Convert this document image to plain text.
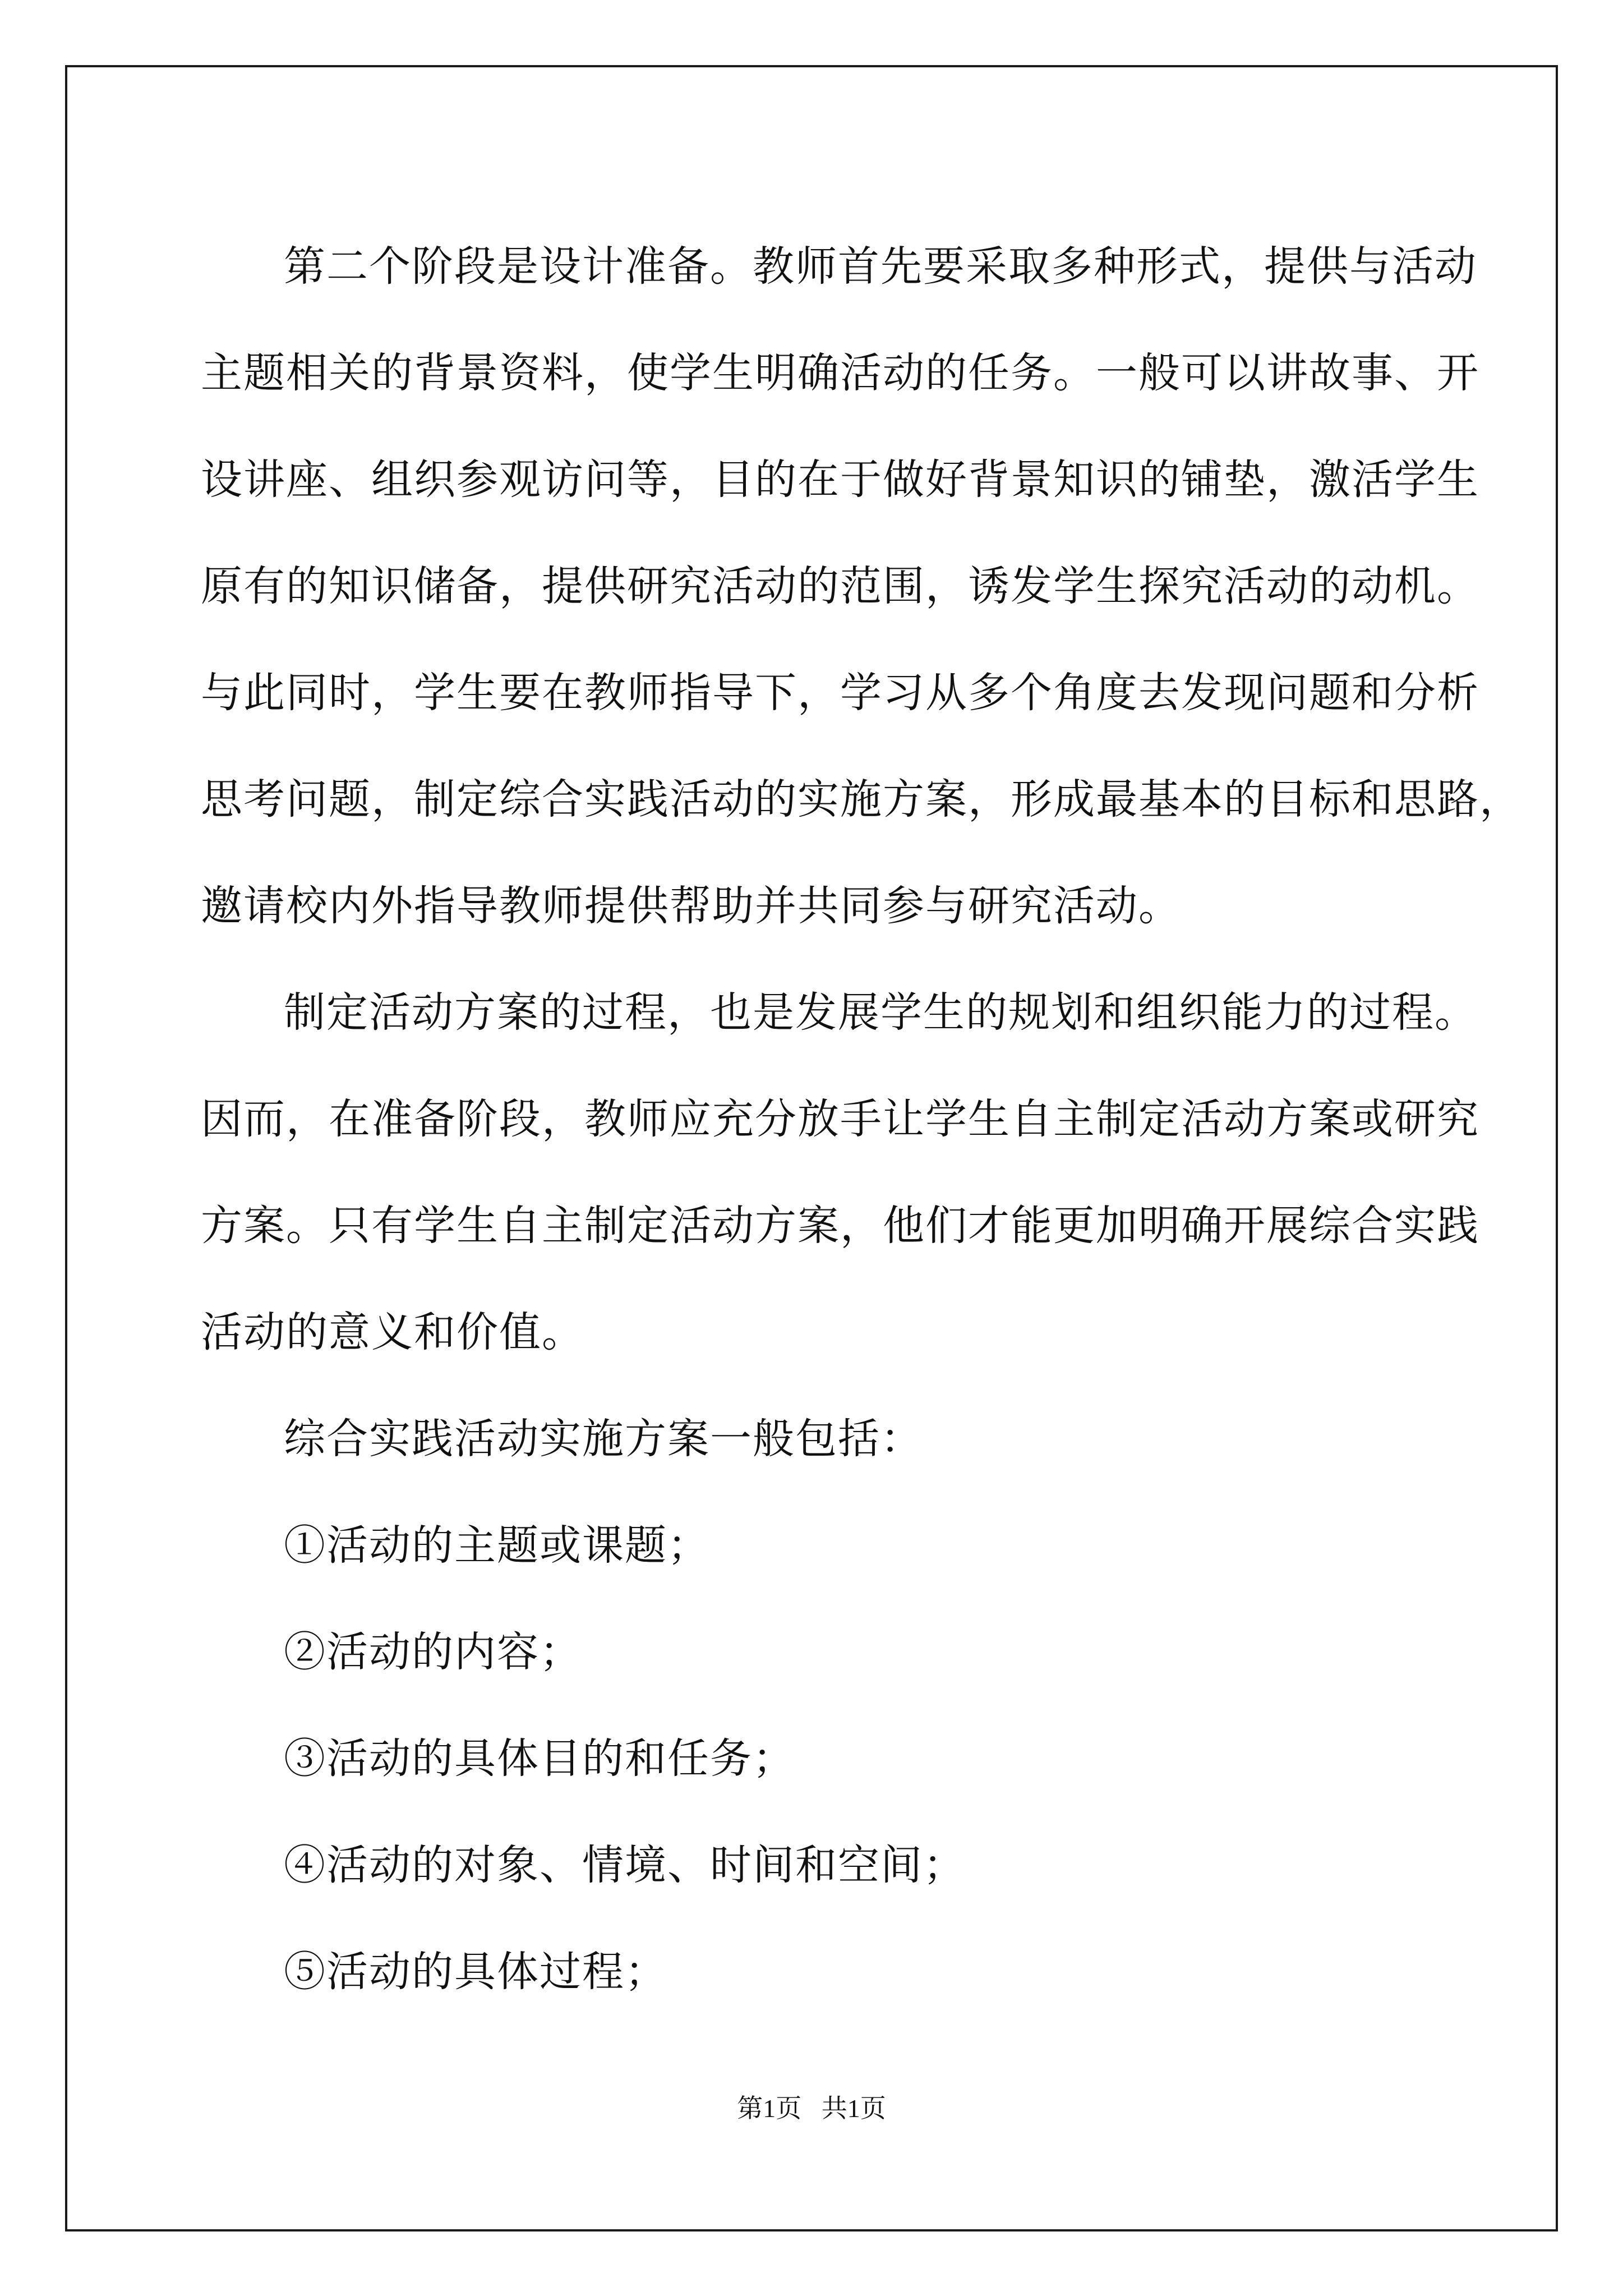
第二个阶段是设计准备。教师首先要采取多种形式，提供与活动
主题相关的背景资料，使学生明确活动的任务。一般可以讲故事、开
设讲座、组织参观访问等，目的在于做好背景知识的铺垫，激活学生
原有的知识储备，提供研究活动的范围，诱发学生探究活动的动机。
与此同时，学生要在教师指导下，学习从多个角度去发现问题和分析
思考问题，制定综合实践活动的实施方案，形成最基本的目标和思路，
邀请校内外指导教师提供帮助并共同参与研究活动。
制定活动方案的过程，也是发展学生的规划和组织能力的过程。
因而，在准备阶段，教师应充分放手让学生自主制定活动方案或研究
方案。只有学生自主制定活动方案，他们才能更加明确开展综合实践
活动的意义和价值。
综合实践活动实施方案一般包括：
①活动的主题或课题；
②活动的内容；
③活动的具体目的和任务；
④活动的对象、情境、时间和空间；
⑤活动的具体过程；
第1页 共1页
